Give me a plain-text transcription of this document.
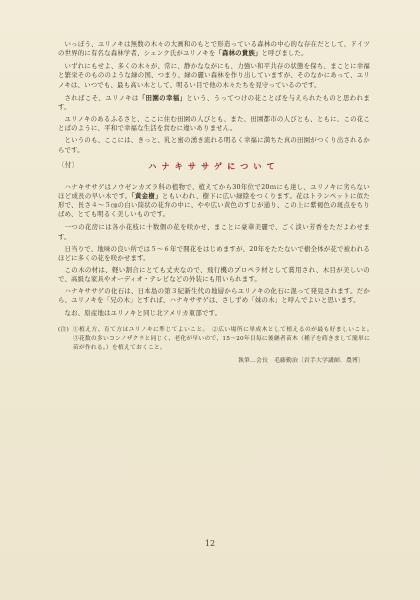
いっぽう、ユリノキは無数の木々の大画和のもとで形造っている森林の中心的な存在だとして、ドイツの世界的に有名な森林学者、シェンク氏がユリノキを「森林の貴族」と呼びました。

いずれにもせよ、多くの木々が、常に、静かなながにも、力強い和平共存の状態を保ち、まことに幸福と繁栄そのもののような緑の国、つまり、緑の麗い森林を作り出していますが、そのなかにあって、ユリノキは、いつでも、最も高い木として、明るい目で他の木々たちを見守っているのです。

さればこそ、ユリノキは「田園の幸福」という、うってつけの花ことばを与えられたものと思われます。

ユリノキのあるふるさと、ここに住む田園の人びとも、また、田園都市の人びとも、ともに、この花ことばのように、平和で幸福な生活を営むに違いありません。

というのも、ここには、きっと、乳と蜜の湧き流れる明るく幸福に満ちた真の田園がつくり出されるからです。

〔付〕	ハナキササゲについて

ハナキササゲはノウゼンカズラ科の植物で、植えてから30年位で20ｍにも達し、ユリノキに劣らないほど成長の早い木です。「黄金樹」ともいわれ、樹下に広い緑陰をつくります。花はトランペットに似た形で、長さ４～５㎝の白い筒状の花弁の中に、やや広い黄色のすじが通り、この上に紫褐色の斑点をちりばめ、とても明るく美しいものです。

一つの花房には各小花枝に十数個の花を咲かせ、まことに豪華美麗で、ごく淡い芳香をただよわせます。

日当りで、地味の良い所では５～６年で開花をはじめますが、20年をたたないで樹全体が花で被われるほどに多くの花を咲かせます。

この木の材は、軽い割合にとても丈夫なので、飛行機のプロペラ材として賞用され、木目が美しいので、高級な家具やオーディオ・テレビなどの外装にも用いられます。

ハナキササゲの化石は、日本島の第３紀新生代の地層からユリノキの化石に混って発見されます。だから、ユリノキを「兄の木」とすれば、ハナキササゲは、さしずめ「妹の木」と呼んでよいと思います。

なお、原産地はユリノキと同じ北アメリカ東部です。

(注) ①植え方、育て方はユリノキに準じてよいこと。　②広い場所に単成木として植えるのが最も好ましいこと。　③花数の多いコンノザクラと同じく、老化が早いので、15～20年目毎に後継者苗木（種子を蒔きまして簡単に苗が作れる。）を植えておくこと。
執筆…会長　毛藤勤治〔岩手大学講師．農博〕
12
